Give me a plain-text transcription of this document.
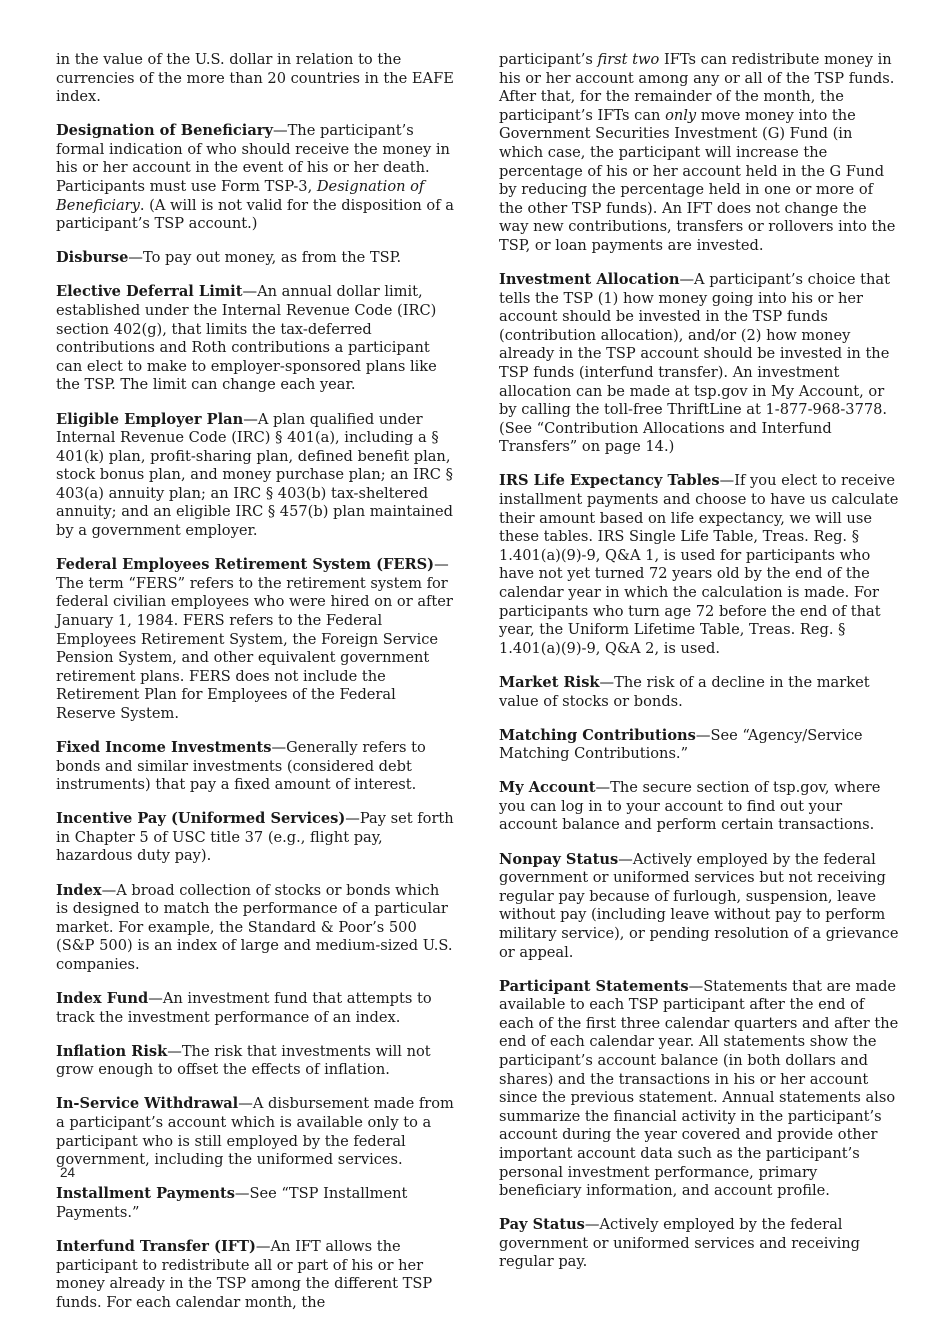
in the value of the U.S. dollar in relation to the currencies of the more than 20 countries in the EAFE index.

Designation of Beneficiary—The participant’s formal indication of who should receive the money in his or her account in the event of his or her death. Participants must use Form TSP-3, Designation of Beneficiary. (A will is not valid for the disposition of a participant’s TSP account.)

Disburse—To pay out money, as from the TSP.

Elective Deferral Limit—An annual dollar limit, established under the Internal Revenue Code (IRC) section 402(g), that limits the tax-deferred contributions and Roth contributions a participant can elect to make to employer-sponsored plans like the TSP. The limit can change each year.

Eligible Employer Plan—A plan qualified under Internal Revenue Code (IRC) § 401(a), including a § 401(k) plan, profit-sharing plan, defined benefit plan, stock bonus plan, and money purchase plan; an IRC § 403(a) annuity plan; an IRC § 403(b) tax-sheltered annuity; and an eligible IRC § 457(b) plan maintained by a government employer.

Federal Employees Retirement System (FERS)—The term “FERS” refers to the retirement system for federal civilian employees who were hired on or after January 1, 1984. FERS refers to the Federal Employees Retirement System, the Foreign Service Pension System, and other equivalent government retirement plans. FERS does not include the Retirement Plan for Employees of the Federal Reserve System.

Fixed Income Investments—Generally refers to bonds and similar investments (considered debt instruments) that pay a fixed amount of interest.

Incentive Pay (Uniformed Services)—Pay set forth in Chapter 5 of USC title 37 (e.g., flight pay, hazardous duty pay).

Index—A broad collection of stocks or bonds which is designed to match the performance of a particular market. For example, the Standard & Poor’s 500 (S&P 500) is an index of large and medium-sized U.S. companies.

Index Fund—An investment fund that attempts to track the investment performance of an index.

Inflation Risk—The risk that investments will not grow enough to offset the effects of inflation.

In-Service Withdrawal—A disbursement made from a participant’s account which is available only to a participant who is still employed by the federal government, including the uniformed services.

Installment Payments—See “TSP Installment Payments.”

Interfund Transfer (IFT)—An IFT allows the participant to redistribute all or part of his or her money already in the TSP among the different TSP funds. For each calendar month, the

participant’s first two IFTs can redistribute money in his or her account among any or all of the TSP funds. After that, for the remainder of the month, the participant’s IFTs can only move money into the Government Securities Investment (G) Fund (in which case, the participant will increase the percentage of his or her account held in the G Fund by reducing the percentage held in one or more of the other TSP funds). An IFT does not change the way new contributions, transfers or rollovers into the TSP, or loan payments are invested.

Investment Allocation—A participant’s choice that tells the TSP (1) how money going into his or her account should be invested in the TSP funds (contribution allocation), and/or (2) how money already in the TSP account should be invested in the TSP funds (interfund transfer). An investment allocation can be made at tsp.gov in My Account, or by calling the toll-free ThriftLine at 1-877-968-3778. (See “Contribution Allocations and Interfund Transfers” on page 14.)

IRS Life Expectancy Tables—If you elect to receive installment payments and choose to have us calculate their amount based on life expectancy, we will use these tables. IRS Single Life Table, Treas. Reg. § 1.401(a)(9)-9, Q&A 1, is used for participants who have not yet turned 72 years old by the end of the calendar year in which the calculation is made. For participants who turn age 72 before the end of that year, the Uniform Lifetime Table, Treas. Reg. § 1.401(a)(9)-9, Q&A 2, is used.

Market Risk—The risk of a decline in the market value of stocks or bonds.

Matching Contributions—See “Agency/Service Matching Contributions.”

My Account—The secure section of tsp.gov, where you can log in to your account to find out your account balance and perform certain transactions.

Nonpay Status—Actively employed by the federal government or uniformed services but not receiving regular pay because of furlough, suspension, leave without pay (including leave without pay to perform military service), or pending resolution of a grievance or appeal.

Participant Statements—Statements that are made available to each TSP participant after the end of each of the first three calendar quarters and after the end of each calendar year. All statements show the participant’s account balance (in both dollars and shares) and the transactions in his or her account since the previous statement. Annual statements also summarize the financial activity in the participant’s account during the year covered and provide other important account data such as the participant’s personal investment performance, primary beneficiary information, and account profile.

Pay Status—Actively employed by the federal government or uniformed services and receiving regular pay.

24
